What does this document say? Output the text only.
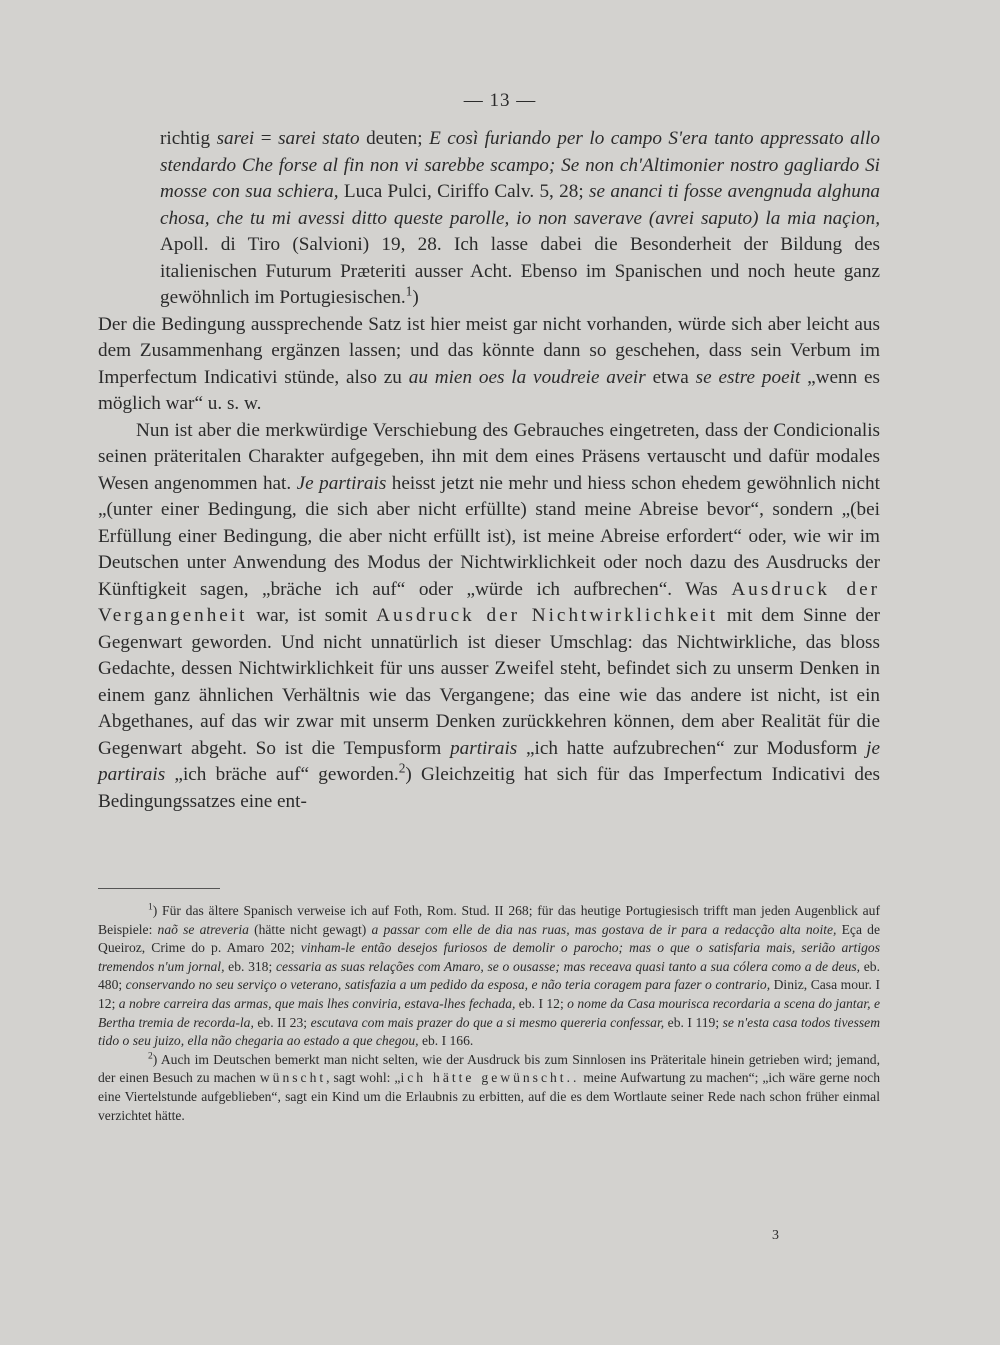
— 13 —

richtig sarei = sarei stato deuten; E così furiando per lo campo S'era tanto appressato allo stendardo Che forse al fin non vi sarebbe scampo; Se non ch'Altimonier nostro gagliardo Si mosse con sua schiera, Luca Pulci, Ciriffo Calv. 5, 28; se ananci ti fosse avengnuda alghuna chosa, che tu mi avessi ditto queste parolle, io non saverave (avrei saputo) la mia naçion, Apoll. di Tiro (Salvioni) 19, 28. Ich lasse dabei die Besonderheit der Bildung des italienischen Futurum Præteriti ausser Acht. Ebenso im Spanischen und noch heute ganz gewöhnlich im Portugiesischen.$^1$)

Der die Bedingung aussprechende Satz ist hier meist gar nicht vorhanden, würde sich aber leicht aus dem Zusammenhang ergänzen lassen; und das könnte dann so geschehen, dass sein Verbum im Imperfectum Indicativi stünde, also zu au mien oes la voudreie aveir etwa se estre poeit „wenn es möglich war“ u. s. w.

Nun ist aber die merkwürdige Verschiebung des Gebrauches eingetreten, dass der Condicionalis seinen präteritalen Charakter aufgegeben, ihn mit dem eines Präsens vertauscht und dafür modales Wesen angenommen hat. Je partirais heisst jetzt nie mehr und hiess schon ehedem gewöhnlich nicht „(unter einer Bedingung, die sich aber nicht erfüllte) stand meine Abreise bevor“, sondern „(bei Erfüllung einer Bedingung, die aber nicht erfüllt ist), ist meine Abreise erfordert“ oder, wie wir im Deutschen unter Anwendung des Modus der Nichtwirklichkeit oder noch dazu des Ausdrucks der Künftigkeit sagen, „bräche ich auf“ oder „würde ich aufbrechen“. Was Ausdruck der Vergangenheit war, ist somit Ausdruck der Nichtwirklichkeit mit dem Sinne der Gegenwart geworden. Und nicht unnatürlich ist dieser Umschlag: das Nichtwirkliche, das bloss Gedachte, dessen Nichtwirklichkeit für uns ausser Zweifel steht, befindet sich zu unserm Denken in einem ganz ähnlichen Verhältnis wie das Vergangene; das eine wie das andere ist nicht, ist ein Abgethanes, auf das wir zwar mit unserm Denken zurückkehren können, dem aber Realität für die Gegenwart abgeht. So ist die Tempusform partirais „ich hatte aufzubrechen“ zur Modusform je partirais „ich bräche auf“ geworden.$^2$) Gleichzeitig hat sich für das Imperfectum Indicativi des Bedingungssatzes eine ent-

$^1$) Für das ältere Spanisch verweise ich auf Foth, Rom. Stud. II 268; für das heutige Portugiesisch trifft man jeden Augenblick auf Beispiele: naõ se atreveria (hätte nicht gewagt) a passar com elle de dia nas ruas, mas gostava de ir para a redacção alta noite, Eça de Queiroz, Crime do p. Amaro 202; vinham-le então desejos furiosos de demolir o parocho; mas o que o satisfaria mais, serião artigos tremendos n'um jornal, eb. 318; cessaria as suas relações com Amaro, se o ousasse; mas receava quasi tanto a sua cólera como a de deus, eb. 480; conservando no seu serviço o veterano, satisfazia a um pedido da esposa, e não teria coragem para fazer o contrario, Diniz, Casa mour. I 12; a nobre carreira das armas, que mais lhes conviria, estava-lhes fechada, eb. I 12; o nome da Casa mourisca recordaria a scena do jantar, e Bertha tremia de recorda-la, eb. II 23; escutava com mais prazer do que a si mesmo quereria confessar, eb. I 119; se n'esta casa todos tivessem tido o seu juizo, ella não chegaria ao estado a que chegou, eb. I 166.

$^2$) Auch im Deutschen bemerkt man nicht selten, wie der Ausdruck bis zum Sinnlosen ins Präteritale hinein getrieben wird; jemand, der einen Besuch zu machen wünscht, sagt wohl: „ich hätte gewünscht.. meine Aufwartung zu machen“; „ich wäre gerne noch eine Viertelstunde aufgeblieben“, sagt ein Kind um die Erlaubnis zu erbitten, auf die es dem Wortlaute seiner Rede nach schon früher einmal verzichtet hätte.

3
